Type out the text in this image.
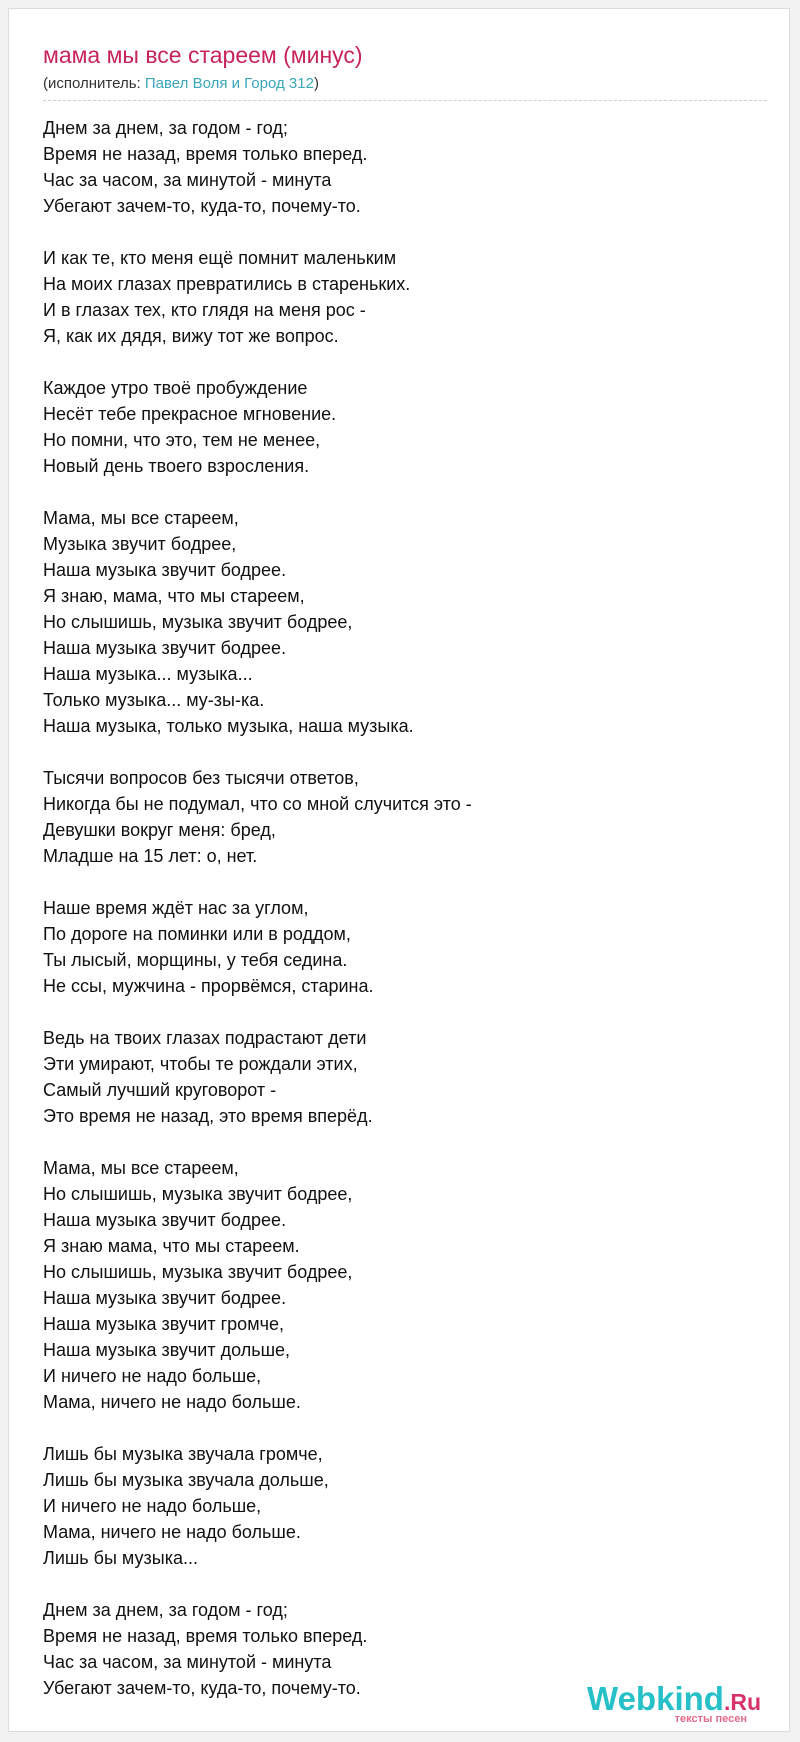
мама мы все стареем (минус)
(исполнитель: Павел Воля и Город 312)
Днем за днем, за годом - год;
Время не назад, время только вперед.
Час за часом, за минутой - минута
Убегают зачем-то, куда-то, почему-то.
И как те, кто меня ещё помнит маленьким
На моих глазах превратились в стареньких.
И в глазах тех, кто глядя на меня рос -
Я, как их дядя, вижу тот же вопрос.
Каждое утро твоё пробуждение
Несёт тебе прекрасное мгновение.
Но помни, что это, тем не менее,
Новый день твоего взросления.
Мама, мы все стареем,
Музыка звучит бодрее,
Наша музыка звучит бодрее.
Я знаю, мама, что мы стареем,
Но слышишь, музыка звучит бодрее,
Наша музыка звучит бодрее.
Наша музыка... музыка...
Только музыка... му-зы-ка.
Наша музыка, только музыка, наша музыка.
Тысячи вопросов без тысячи ответов,
Никогда бы не подумал, что со мной случится это -
Девушки вокруг меня: бред,
Младше на 15 лет: о, нет.
Наше время ждёт нас за углом,
По дороге на поминки или в роддом,
Ты лысый, морщины, у тебя седина.
Не ссы, мужчина - прорвёмся, старина.
Ведь на твоих глазах подрастают дети
Эти умирают, чтобы те рождали этих,
Самый лучший круговорот -
Это время не назад, это время вперёд.
Мама, мы все стареем,
Но слышишь, музыка звучит бодрее,
Наша музыка звучит бодрее.
Я знаю мама, что мы стареем.
Но слышишь, музыка звучит бодрее,
Наша музыка звучит бодрее.
Наша музыка звучит громче,
Наша музыка звучит дольше,
И ничего не надо больше,
Мама, ничего не надо больше.
Лишь бы музыка звучала громче,
Лишь бы музыка звучала дольше,
И ничего не надо больше,
Мама, ничего не надо больше.
Лишь бы музыка...
Днем за днем, за годом - год;
Время не назад, время только вперед.
Час за часом, за минутой - минута
Убегают зачем-то, куда-то, почему-то.	Webkind.Ru
тексты песен
